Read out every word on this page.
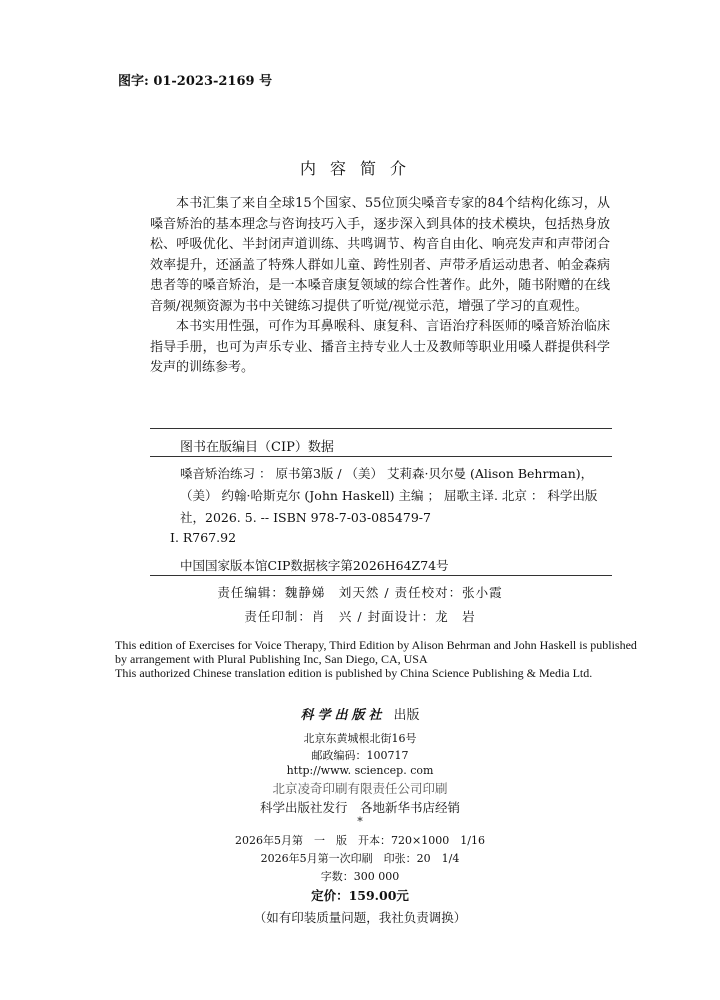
图字: 01-2023-2169 号
内容简介

本书汇集了来自全球15个国家、55位顶尖嗓音专家的84个结构化练习，从嗓音矫治的基本理念与咨询技巧入手，逐步深入到具体的技术模块，包括热身放松、呼吸优化、半封闭声道训练、共鸣调节、构音自由化、响亮发声和声带闭合效率提升，还涵盖了特殊人群如儿童、跨性别者、声带矛盾运动患者、帕金森病患者等的嗓音矫治，是一本嗓音康复领域的综合性著作。此外，随书附赠的在线音频/视频资源为书中关键练习提供了听觉/视觉示范，增强了学习的直观性。

本书实用性强，可作为耳鼻喉科、康复科、言语治疗科医师的嗓音矫治临床指导手册，也可为声乐专业、播音主持专业人士及教师等职业用嗓人群提供科学发声的训练参考。

图书在版编目（CIP）数据
嗓音矫治练习 ： 原书第3版 / （美） 艾莉森·贝尔曼 (Alison Behrman)，（美） 约翰·哈斯克尔 (John Haskell) 主编 ； 屈歌主译. 北京 ： 科学出版社，2026. 5. -- ISBN 978-7-03-085479-7
Ⅰ. R767.92
中国国家版本馆CIP数据核字第2026H64Z74号
责任编辑：魏静娣　刘天然 / 责任校对：张小霞
责任印制：肖　兴 / 封面设计：龙　岩
This edition of Exercises for Voice Therapy, Third Edition by Alison Behrman and John Haskell is published
by arrangement with Plural Publishing Inc, San Diego, CA, USA
This authorized Chinese translation edition is published by China Science Publishing & Media Ltd.
科学出版社 出版
北京东黄城根北街16号
邮政编码：100717
http://www. sciencep. com
北京凌奇印刷有限责任公司印刷
科学出版社发行　各地新华书店经销
*
2026年5月第　一　版　开本：720×1000　1/16
2026年5月第一次印刷　印张：20　1/4
字数：300 000
定价：159.00元
（如有印装质量问题，我社负责调换）
